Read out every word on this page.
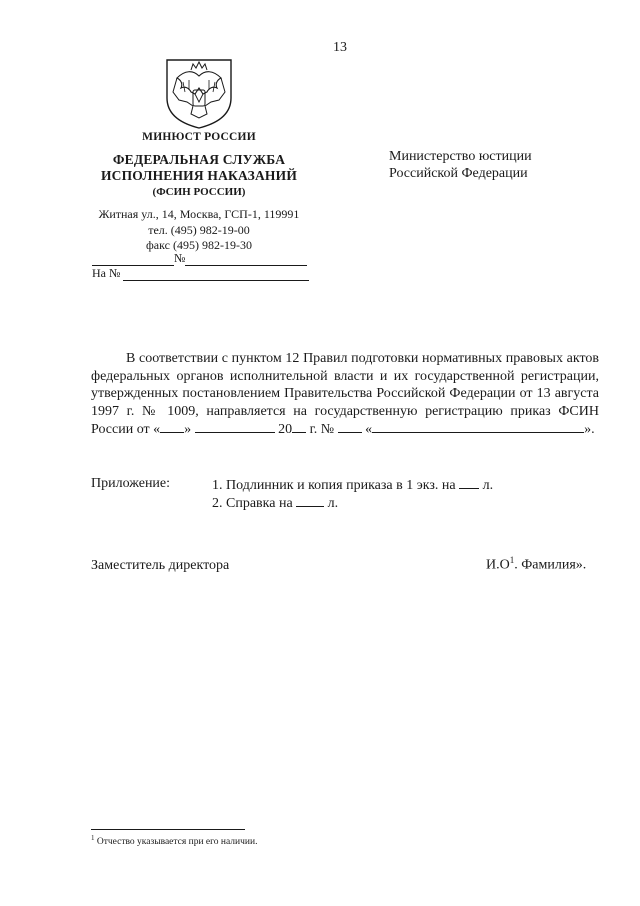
13
МИНЮСТ РОССИИ
ФЕДЕРАЛЬНАЯ СЛУЖБА
ИСПОЛНЕНИЯ НАКАЗАНИЙ
(ФСИН РОССИИ)
Житная ул., 14, Москва, ГСП-1, 119991
тел. (495) 982-19-00
факс (495) 982-19-30
№
На №
Министерство юстиции
Российской Федерации
В соответствии с пунктом 12 Правил подготовки нормативных правовых актов федеральных органов исполнительной власти и их государственной регистрации, утвержденных постановлением Правительства Российской Федерации от 13 августа 1997 г. № 1009, направляется на государственную регистрацию приказ ФСИН России от « »	20 г. № «	».
Приложение:	1. Подлинник и копия приказа в 1 экз. на л.
2. Справка на	л.
Заместитель директора	$И.О^1$. Фамилия».
$^1$ Отчество указывается при его наличии.
